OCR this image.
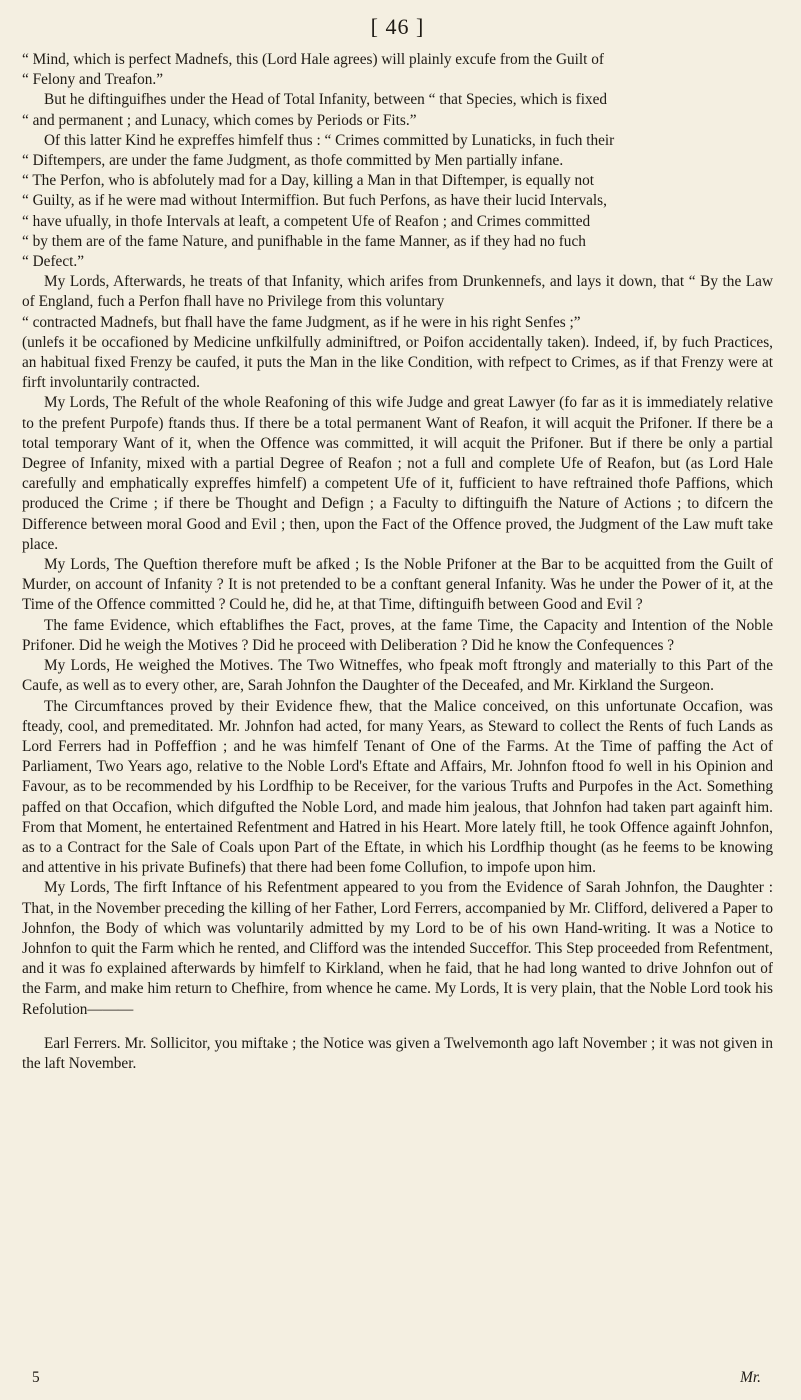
[ 46 ]

“ Mind, which is perfect Madnefs, this (Lord Hale agrees) will plainly excufe from the Guilt of

“ Felony and Treafon.”

But he diftinguifhes under the Head of Total Infanity, between “ that Species, which is fixed

“ and permanent ; and Lunacy, which comes by Periods or Fits.”

Of this latter Kind he expreffes himfelf thus : “ Crimes committed by Lunaticks, in fuch their

“ Diftempers, are under the fame Judgment, as thofe committed by Men partially infane.

“ The Perfon, who is abfolutely mad for a Day, killing a Man in that Diftemper, is equally not

“ Guilty, as if he were mad without Intermiffion. But fuch Perfons, as have their lucid Intervals,

“ have ufually, in thofe Intervals at leaft, a competent Ufe of Reafon ; and Crimes committed

“ by them are of the fame Nature, and punifhable in the fame Manner, as if they had no fuch

“ Defect.”

My Lords, Afterwards, he treats of that Infanity, which arifes from Drunkennefs, and lays it down, that “ By the Law of England, fuch a Perfon fhall have no Privilege from this voluntary

“ contracted Madnefs, but fhall have the fame Judgment, as if he were in his right Senfes ;”

(unlefs it be occafioned by Medicine unfkilfully adminiftred, or Poifon accidentally taken). Indeed, if, by fuch Practices, an habitual fixed Frenzy be caufed, it puts the Man in the like Condition, with refpect to Crimes, as if that Frenzy were at firft involuntarily contracted.

My Lords, The Refult of the whole Reafoning of this wife Judge and great Lawyer (fo far as it is immediately relative to the prefent Purpofe) ftands thus. If there be a total permanent Want of Reafon, it will acquit the Prifoner. If there be a total temporary Want of it, when the Offence was committed, it will acquit the Prifoner. But if there be only a partial Degree of Infanity, mixed with a partial Degree of Reafon ; not a full and complete Ufe of Reafon, but (as Lord Hale carefully and emphatically expreffes himfelf) a competent Ufe of it, fufficient to have reftrained thofe Paffions, which produced the Crime ; if there be Thought and Defign ; a Faculty to diftinguifh the Nature of Actions ; to difcern the Difference between moral Good and Evil ; then, upon the Fact of the Offence proved, the Judgment of the Law muft take place.

My Lords, The Queftion therefore muft be afked ; Is the Noble Prifoner at the Bar to be acquitted from the Guilt of Murder, on account of Infanity ? It is not pretended to be a conftant general Infanity. Was he under the Power of it, at the Time of the Offence committed ? Could he, did he, at that Time, diftinguifh between Good and Evil ?

The fame Evidence, which eftablifhes the Fact, proves, at the fame Time, the Capacity and Intention of the Noble Prifoner. Did he weigh the Motives ? Did he proceed with Deliberation ? Did he know the Confequences ?

My Lords, He weighed the Motives. The Two Witneffes, who fpeak moft ftrongly and materially to this Part of the Caufe, as well as to every other, are, Sarah Johnfon the Daughter of the Deceafed, and Mr. Kirkland the Surgeon.

The Circumftances proved by their Evidence fhew, that the Malice conceived, on this unfortunate Occafion, was fteady, cool, and premeditated. Mr. Johnfon had acted, for many Years, as Steward to collect the Rents of fuch Lands as Lord Ferrers had in Poffeffion ; and he was himfelf Tenant of One of the Farms. At the Time of paffing the Act of Parliament, Two Years ago, relative to the Noble Lord's Eftate and Affairs, Mr. Johnfon ftood fo well in his Opinion and Favour, as to be recommended by his Lordfhip to be Receiver, for the various Trufts and Purpofes in the Act. Something paffed on that Occafion, which difgufted the Noble Lord, and made him jealous, that Johnfon had taken part againft him. From that Moment, he entertained Refentment and Hatred in his Heart. More lately ftill, he took Offence againft Johnfon, as to a Contract for the Sale of Coals upon Part of the Eftate, in which his Lordfhip thought (as he feems to be knowing and attentive in his private Bufinefs) that there had been fome Collufion, to impofe upon him.

My Lords, The firft Inftance of his Refentment appeared to you from the Evidence of Sarah Johnfon, the Daughter : That, in the November preceding the killing of her Father, Lord Ferrers, accompanied by Mr. Clifford, delivered a Paper to Johnfon, the Body of which was voluntarily admitted by my Lord to be of his own Hand-writing. It was a Notice to Johnfon to quit the Farm which he rented, and Clifford was the intended Succeffor. This Step proceeded from Refentment, and it was fo explained afterwards by himfelf to Kirkland, when he faid, that he had long wanted to drive Johnfon out of the Farm, and make him return to Chefhire, from whence he came. My Lords, It is very plain, that the Noble Lord took his Refolution———

Earl Ferrers. Mr. Sollicitor, you miftake ; the Notice was given a Twelvemonth ago laft November ; it was not given in the laft November.

5	Mr.
